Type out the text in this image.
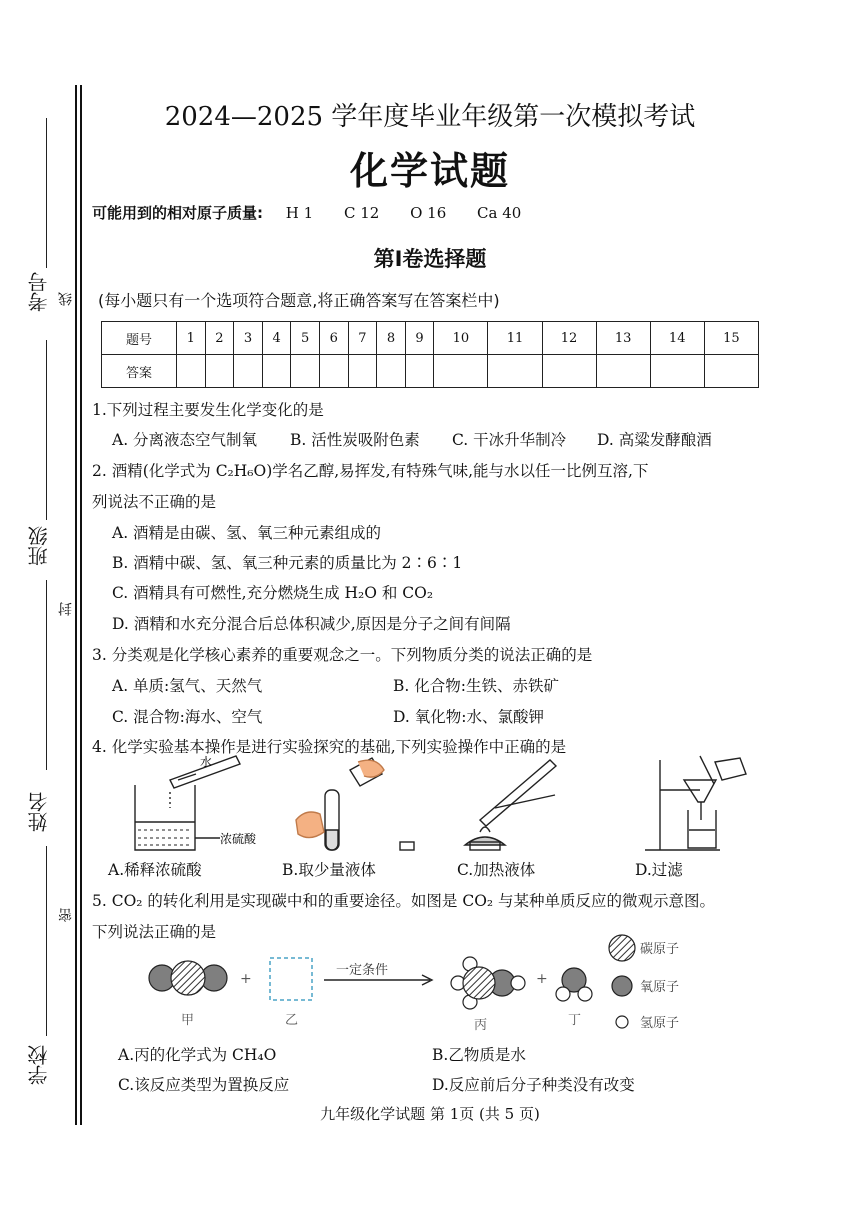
考号 线
班级
封
姓名
密
学校
2024—2025 学年度毕业年级第一次模拟考试
化学试题
可能用到的相对原子质量: H 1 C 12 O 16 Ca 40
第Ⅰ卷选择题
(每小题只有一个选项符合题意,将正确答案写在答案栏中)
题号	1	2	3	4	5	6	7	8	9	10	11	12	13	14	15
答案															
1.下列过程主要发生化学变化的是
A. 分离液态空气制氧 B. 活性炭吸附色素 C. 干冰升华制冷 D. 高粱发酵酿酒
2. 酒精(化学式为 C₂H₆O)学名乙醇,易挥发,有特殊气味,能与水以任一比例互溶,下
列说法不正确的是
A. 酒精是由碳、氢、氧三种元素组成的
B. 酒精中碳、氢、氧三种元素的质量比为 2∶6∶1
C. 酒精具有可燃性,充分燃烧生成 H₂O 和 CO₂
D. 酒精和水充分混合后总体积减少,原因是分子之间有间隔
3. 分类观是化学核心素养的重要观念之一。下列物质分类的说法正确的是
A. 单质:氢气、天然气	B. 化合物:生铁、赤铁矿
C. 混合物:海水、空气	D. 氧化物:水、氯酸钾
4. 化学实验基本操作是进行实验探究的基础,下列实验操作中正确的是
水
浓硫酸
A.稀释浓硫酸	B.取少量液体	C.加热液体	D.过滤
5. CO₂ 的转化利用是实现碳中和的重要途径。如图是 CO₂ 与某种单质反应的微观示意图。
下列说法正确的是
+
一定条件
+
碳原子
氧原子
氢原子
甲	乙	丙	丁
A.丙的化学式为 CH₄O	B.乙物质是水
C.该反应类型为置换反应	D.反应前后分子种类没有改变
九年级化学试题 第 1页 (共 5 页)
